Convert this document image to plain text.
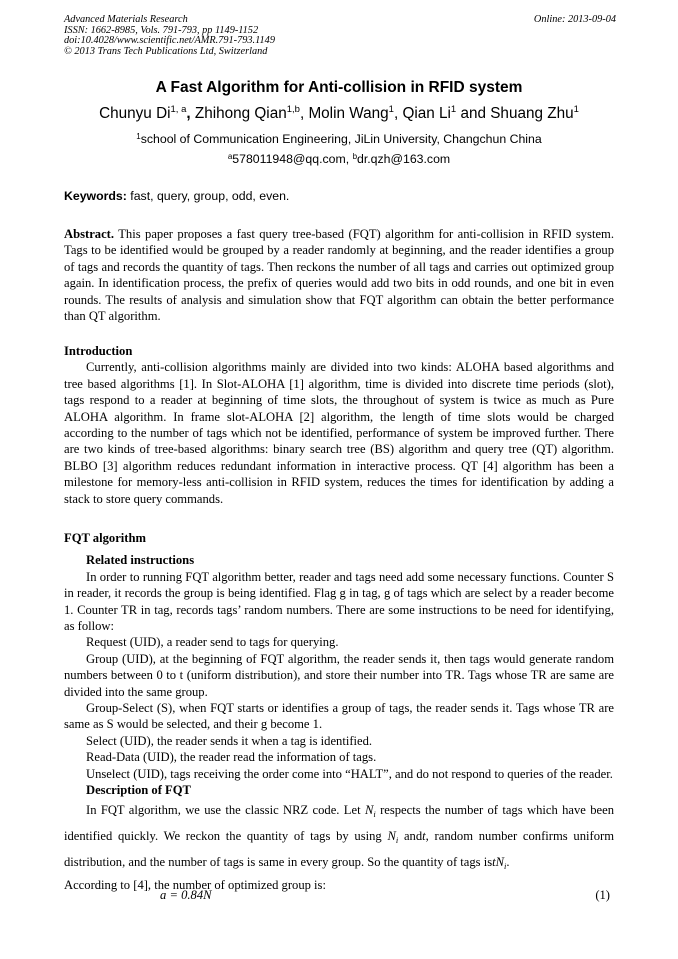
Advanced Materials Research
ISSN: 1662-8985, Vols. 791-793, pp 1149-1152
doi:10.4028/www.scientific.net/AMR.791-793.1149
© 2013 Trans Tech Publications Ltd, Switzerland
Online: 2013-09-04
A Fast Algorithm for Anti-collision in RFID system
Chunyu Di$^{1, a}$, Zhihong Qian$^{1,b}$, Molin Wang$^1$, Qian Li$^1$ and Shuang Zhu$^1$
$^1$school of Communication Engineering, JiLin University, Changchun China
$^a$578011948@qq.com, $^b$dr.qzh@163.com
Keywords: fast, query, group, odd, even.

Abstract. This paper proposes a fast query tree-based (FQT) algorithm for anti-collision in RFID system. Tags to be identified would be grouped by a reader randomly at beginning, and the reader identifies a group of tags and records the quantity of tags. Then reckons the number of all tags and carries out optimized group again. In identification process, the prefix of queries would add two bits in odd rounds, and one bit in even rounds. The results of analysis and simulation show that FQT algorithm can obtain the better performance than QT algorithm.

Introduction

Currently, anti-collision algorithms mainly are divided into two kinds: ALOHA based algorithms and tree based algorithms [1]. In Slot-ALOHA [1] algorithm, time is divided into discrete time periods (slot), tags respond to a reader at beginning of time slots, the throughout of system is twice as much as Pure ALOHA algorithm. In frame slot-ALOHA [2] algorithm, the length of time slots would be charged according to the number of tags which not be identified, performance of system be improved further. There are two kinds of tree-based algorithms: binary search tree (BS) algorithm and query tree (QT) algorithm. BLBO [3] algorithm reduces redundant information in interactive process. QT [4] algorithm has been a milestone for memory-less anti-collision in RFID system, reduces the times for identification by adding a stack to store query commands.

FQT algorithm

Related instructions

In order to running FQT algorithm better, reader and tags need add some necessary functions. Counter S in reader, it records the group is being identified. Flag g in tag, g of tags which are select by a reader become 1. Counter TR in tag, records tags’ random numbers. There are some instructions to be need for identifying, as follow:

Request (UID), a reader send to tags for querying.

Group (UID), at the beginning of FQT algorithm, the reader sends it, then tags would generate random numbers between 0 to t (uniform distribution), and store their number into TR. Tags whose TR are same are divided into the same group.

Group-Select (S), when FQT starts or identifies a group of tags, the reader sends it. Tags whose TR are same as S would be selected, and their g become 1.

Select (UID), the reader sends it when a tag is identified.

Read-Data (UID), the reader read the information of tags.

Unselect (UID), tags receiving the order come into “HALT”, and do not respond to queries of the reader.

Description of FQT

In FQT algorithm, we use the classic NRZ code. Let $N_i$ respects the number of tags which have been identified quickly. We reckon the quantity of tags by using $N_i$ andt, random number confirms uniform distribution, and the number of tags is same in every group. So the quantity of tags istN$_i$.

According to [4], the number of optimized group is:

a = 0.84N	(1)
